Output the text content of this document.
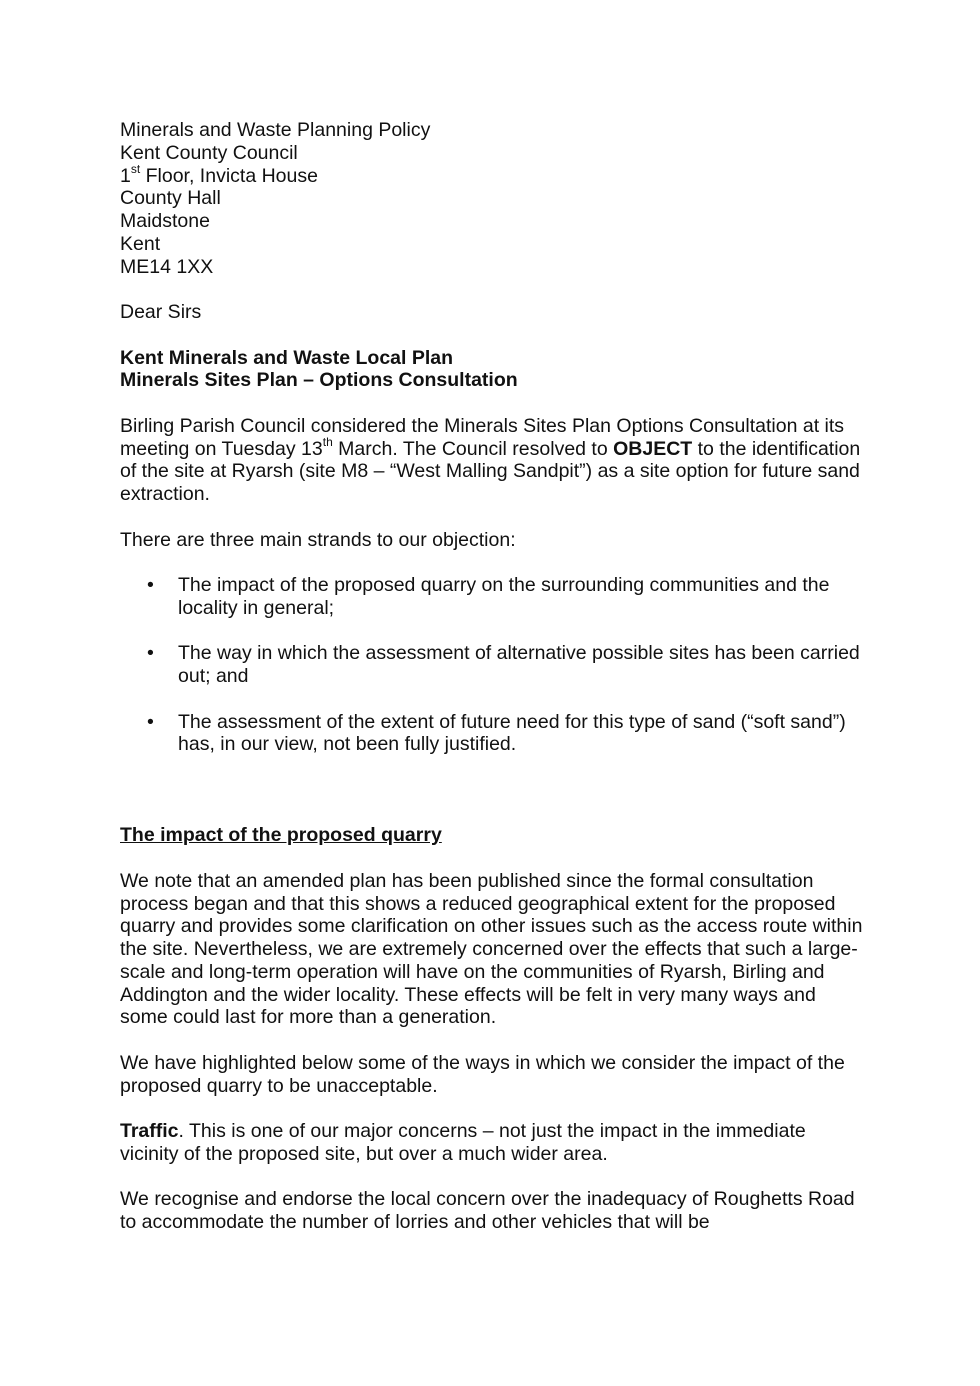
Minerals and Waste Planning Policy

Kent County Council

1st Floor, Invicta House

County Hall

Maidstone

Kent

ME14 1XX

Dear Sirs

Kent Minerals and Waste Local Plan

Minerals Sites Plan – Options Consultation

Birling Parish Council considered the Minerals Sites Plan Options Consultation at its meeting on Tuesday 13th March. The Council resolved to OBJECT to the identification of the site at Ryarsh (site M8 – “West Malling Sandpit”) as a site option for future sand extraction.

There are three main strands to our objection:

• The impact of the proposed quarry on the surrounding communities and the locality in general;
• The way in which the assessment of alternative possible sites has been carried out; and
• The assessment of the extent of future need for this type of sand (“soft sand”) has, in our view, not been fully justified.

The impact of the proposed quarry

We note that an amended plan has been published since the formal consultation process began and that this shows a reduced geographical extent for the proposed quarry and provides some clarification on other issues such as the access route within the site. Nevertheless, we are extremely concerned over the effects that such a large-scale and long-term operation will have on the communities of Ryarsh, Birling and Addington and the wider locality. These effects will be felt in very many ways and some could last for more than a generation.

We have highlighted below some of the ways in which we consider the impact of the proposed quarry to be unacceptable.

Traffic. This is one of our major concerns – not just the impact in the immediate vicinity of the proposed site, but over a much wider area.

We recognise and endorse the local concern over the inadequacy of Roughetts Road to accommodate the number of lorries and other vehicles that will be
